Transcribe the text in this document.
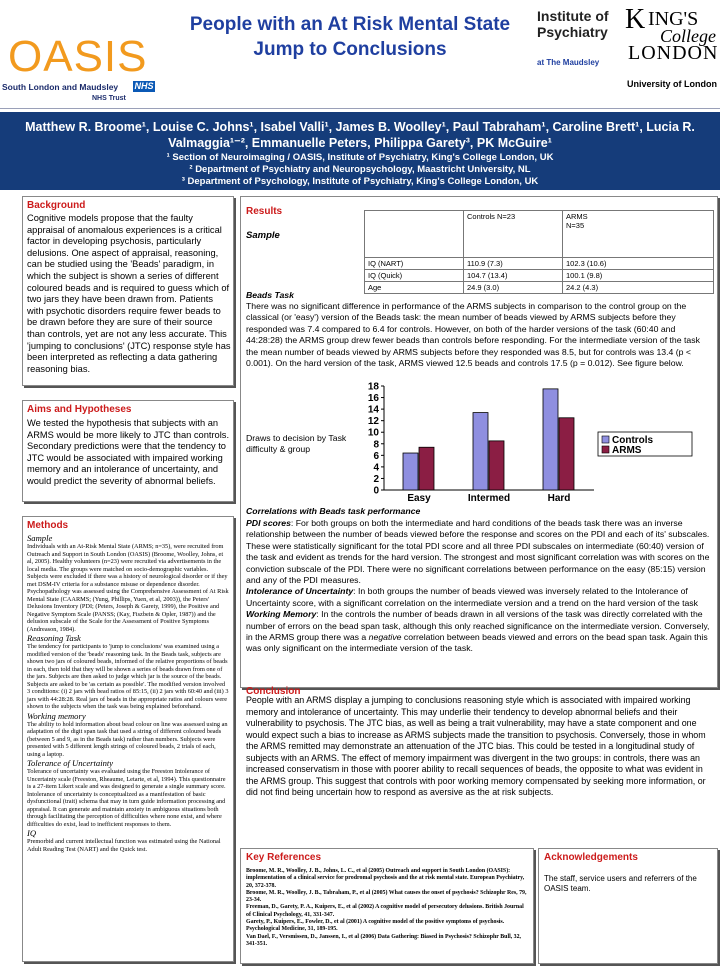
People with an At Risk Mental State
Jump to Conclusions
OASIS
South London and Maudsley NHS
NHS Trust
Institute of
Psychiatry
at The Maudsley
K ING'S
College
LONDON
University of London
Matthew R. Broome¹, Louise C. Johns¹, Isabel Valli¹, James B. Woolley¹, Paul Tabraham¹, Caroline Brett¹, Lucia R.
Valmaggia¹⁻², Emmanuelle Peters, Philippa Garety³, PK McGuire¹
¹ Section of Neuroimaging / OASIS, Institute of Psychiatry, King's College London, UK
² Department of Psychiatry and Neuropsychology, Maastricht University, NL
³ Department of Psychology, Institute of Psychiatry, King's College London, UK
Background
Cognitive models propose that the faulty appraisal of anomalous experiences is a critical factor in developing psychosis, particularly delusions. One aspect of appraisal, reasoning, can be studied using the 'Beads' paradigm, in which the subject is shown a series of different coloured beads and is required to guess which of two jars they have been drawn from. Patients with psychotic disorders require fewer beads to be drawn before they are sure of their source than controls, yet are not any less accurate. This 'jumping to conclusions' (JTC) response style has been interpreted as reflecting a data gathering reasoning bias.
Aims and Hypotheses
We tested the hypothesis that subjects with an ARMS would be more likely to JTC than controls. Secondary predictions were that the tendency to JTC would be associated with impaired working memory and an intolerance of uncertainty, and would predict the severity of abnormal beliefs.
Methods
Sample
Individuals with an At-Risk Mental State (ARMS; n=35), were recruited from Outreach and Support in South London (OASIS) (Broome, Woolley, Johns, et al, 2005). Healthy volunteers (n=23) were recruited via advertisements in the local media. The groups were matched on socio-demographic variables. Subjects were excluded if there was a history of neurological disorder or if they met DSM-IV criteria for a substance misuse or dependence disorder.
Psychopathology was assessed using the Comprehensive Assessment of At Risk Mental State (CAARMS; (Yung, Phillips, Yuen, et al, 2003)), the Peters' Delusions Inventory (PDI; (Peters, Joseph & Garety, 1999), the Positive and Negative Symptom Scale (PANSS; (Kay, Fiszbein & Opler, 1987)) and the delusion subscale of the Scale for the Assessment of Positive Symptoms (Andreason, 1984).
Reasoning Task
The tendency for participants to 'jump to conclusions' was examined using a modified version of the 'beads' reasoning task. In the Beads task, subjects are shown two jars of coloured beads, informed of the relative proportions of beads in each, then told that they will be shown a series of beads drawn from one of the jars. Subjects are then asked to judge which jar is the source of the beads. Subjects are asked to be 'as certain as possible'. The modified version involved 3 conditions: (i) 2 jars with bead ratios of 85:15, (ii) 2 jars with 60:40 and (iii) 3 jars with 44:28:28. Real jars of beads in the appropriate ratios and colours were shown to the subjects when the task was being explained beforehand.
Working memory
The ability to hold information about bead colour on line was assessed using an adaptation of the digit span task that used a string of different coloured beads (between 5 and 9, as in the Beads task) rather than numbers. Subjects were presented with 5 different length strings of coloured beads, 2 trials of each, using a laptop.
Tolerance of Uncertainty
Tolerance of uncertainty was evaluated using the Freeston Intolerance of Uncertainty scale (Freeston, Rheaume, Letarte, et al, 1994). This questionnaire is a 27-item Likert scale and was designed to generate a single summary score. Intolerance of uncertainty is conceptualized as a manifestation of basic dysfunctional (trait) schema that may in turn guide information processing and appraisal. It can generate and maintain anxiety in ambiguous situations both through facilitating the perception of difficulties where none exist, and where difficulties do exist, lead to inefficient responses to them.
IQ
Premorbid and current intellectual function was estimated using the National Adult Reading Test (NART) and the Quick test.
Results
Sample
	Controls N=23	ARMS
N=35
IQ (NART)	110.9 (7.3)	102.3 (10.6)
IQ (Quick)	104.7 (13.4)	100.1 (9.8)
Age	24.9 (3.0)	24.2 (4.3)
Beads Task
There was no significant difference in performance of the ARMS subjects in comparison to the control group on the classical (or 'easy') version of the Beads task: the mean number of beads viewed by ARMS subjects before they responded was 7.4 compared to 6.4 for controls. However, on both of the harder versions of the task (60:40 and 44:28:28) the ARMS group drew fewer beads than controls before responding. For the intermediate version of the task the mean number of beads viewed by ARMS subjects before they responded was 8.5, but for controls was 13.4 (p < 0.001). On the hard version of the task, ARMS viewed 12.5 beads and controls 17.5 (p = 0.012). See figure below.
Draws to decision by Task difficulty & group
0
2
4
6
8
10
12
14
16
18
Easy	Intermed	Hard
Controls
ARMS
Correlations with Beads task performance
PDI scores: For both groups on both the intermediate and hard conditions of the beads task there was an inverse relationship between the number of beads viewed before the response and scores on the PDI and each of its' subscales. These were statistically significant for the total PDI score and all three PDI subscales on intermediate (60:40) version of the task and evident as trends for the hard version. The strongest and most significant correlation was with scores on the conviction subscale of the PDI. There were no significant correlations between performance on the easy (85:15) version and any of the PDI measures.
Intolerance of Uncertainty: In both groups the number of beads viewed was inversely related to the Intolerance of Uncertainty score, with a significant correlation on the intermediate version and a trend on the hard version of the task
Working Memory: In the controls the number of beads drawn in all versions of the task was directly correlated with the number of errors on the bead span task, although this only reached significance on the intermediate version. Conversely, in the ARMS group there was a negative correlation between beads viewed and errors on the bead span task. Again this was only significant on the intermediate version of the task.
Conclusion
People with an ARMS display a jumping to conclusions reasoning style which is associated with impaired working memory and intolerance of uncertainty. This may underlie their tendency to develop abnormal beliefs and their vulnerability to psychosis. The JTC bias, as well as being a trait vulnerability, may have a state component and one would expect such a bias to increase as ARMS subjects made the transition to psychosis. Conversely, those in whom the ARMS remitted may demonstrate an attenuation of the JTC bias. This could be tested in a longitudinal study of subjects with an ARMS. The effect of memory impairment was divergent in the two groups: in controls, there was an increased conservatism in those with poorer ability to recall sequences of beads, the opposite to what was evident in the ARMS group. This suggest that controls with poor working memory compensated by seeking more information, or did not find being uncertain how to respond as aversive as the at risk subjects.
Key References
Broome, M. R., Woolley, J. B., Johns, L. C., et al (2005) Outreach and support in South London (OASIS): implementation of a clinical service for prodromal psychosis and the at risk mental state. European Psychiatry, 20, 372-378.
Broome, M. R., Woolley, J. B., Tabraham, P., et al (2005) What causes the onset of psychosis? Schizophr Res, 79, 23-34.
Freeman, D., Garety, P. A., Kuipers, E., et al (2002) A cognitive model of persecutory delusions. British Journal of Clinical Psychology, 41, 331-347.
Garety, P., Kuipers, E., Fowler, D., et al (2001) A cognitive model of the positive symptoms of psychosis. Psychological Medicine, 31, 189-195.
Van Dael, F., Versmissen, D., Janssen, I., et al (2006) Data Gathering: Biased in Psychosis? Schizophr Bull, 32, 341-351.
Acknowledgements
The staff, service users and referrers of the OASIS team.
